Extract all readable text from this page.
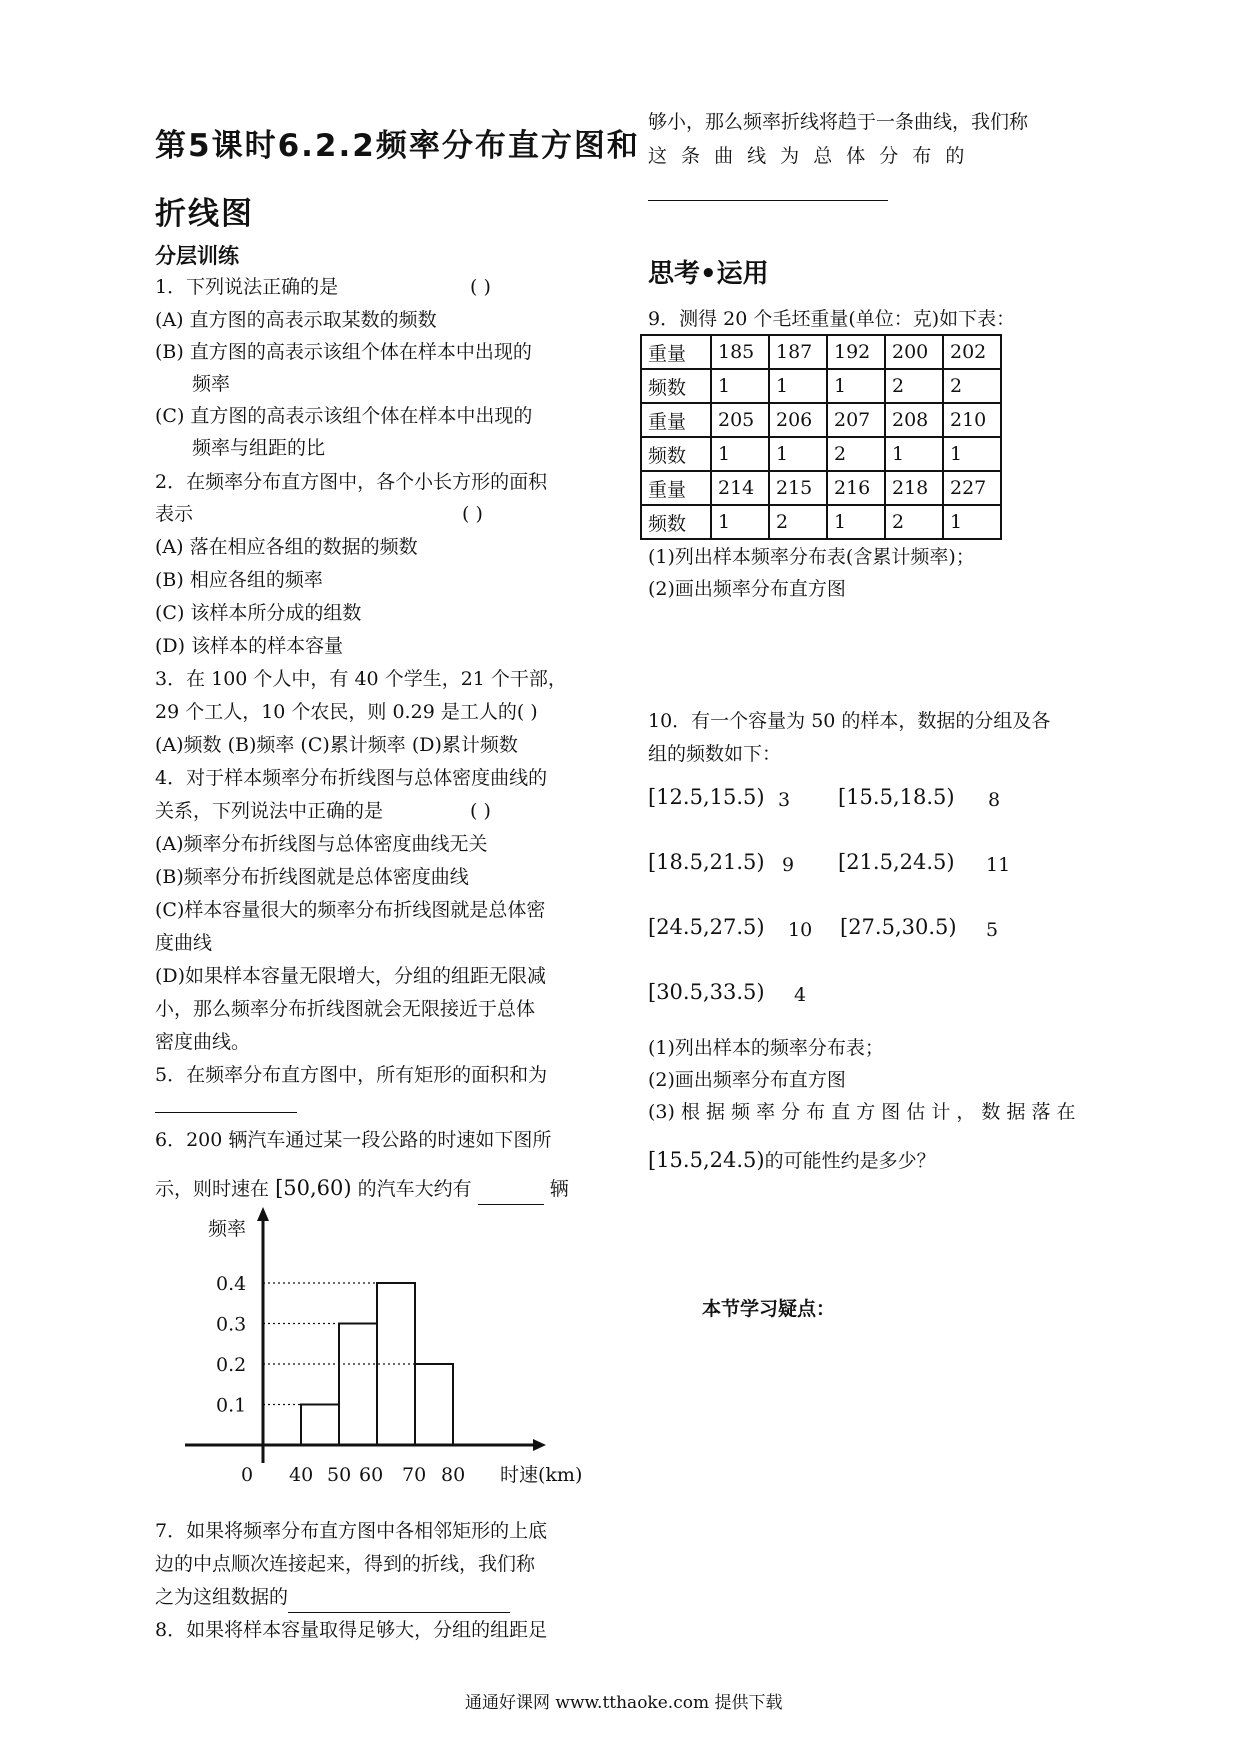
第5课时6.2.2频率分布直方图和
折线图
分层训练
1．下列说法正确的是	( )
(A) 直方图的高表示取某数的频数
(B) 直方图的高表示该组个体在样本中出现的
频率
(C) 直方图的高表示该组个体在样本中出现的
频率与组距的比
2．在频率分布直方图中，各个小长方形的面积
表示	( )
(A) 落在相应各组的数据的频数
(B) 相应各组的频率
(C) 该样本所分成的组数
(D) 该样本的样本容量
3．在 100 个人中，有 40 个学生，21 个干部，
29 个工人，10 个农民，则 0.29 是工人的( )
(A)频数 (B)频率 (C)累计频率 (D)累计频数
4．对于样本频率分布折线图与总体密度曲线的
关系，下列说法中正确的是	( )
(A)频率分布折线图与总体密度曲线无关
(B)频率分布折线图就是总体密度曲线
(C)样本容量很大的频率分布折线图就是总体密
度曲线
(D)如果样本容量无限增大，分组的组距无限减
小，那么频率分布折线图就会无限接近于总体
密度曲线。
5．在频率分布直方图中，所有矩形的面积和为
6．200 辆汽车通过某一段公路的时速如下图所
示，则时速在 [50,60) 的汽车大约有	辆
0.4
0.3
0.2
0.1
0 40 50 60 70 80
频率
时速(km)
7．如果将频率分布直方图中各相邻矩形的上底
边的中点顺次连接起来，得到的折线，我们称
之为这组数据的
8．如果将样本容量取得足够大，分组的组距足
够小，那么频率折线将趋于一条曲线，我们称
这 条 曲 线 为 总 体 分 布 的
思考•运用
9．测得 20 个毛坯重量(单位：克)如下表：
重量	185	187	192	200	202
频数	1	1	1	2	2
重量	205	206	207	208	210
频数	1	1	2	1	1
重量	214	215	216	218	227
频数	1	2	1	2	1
(1)列出样本频率分布表(含累计频率)；
(2)画出频率分布直方图
10．有一个容量为 50 的样本，数据的分组及各
组的频数如下：
[12.5,15.5) 3 [15.5,18.5) 8
[18.5,21.5) 9 [21.5,24.5) 11
[24.5,27.5) 10 [27.5,30.5) 5
[30.5,33.5) 4
(1)列出样本的频率分布表；
(2)画出频率分布直方图
(3) 根 据 频 率 分 布 直 方 图 估 计 ， 数 据 落 在
[15.5,24.5)的可能性约是多少？
本节学习疑点：
通通好课网 www.tthaoke.com 提供下载
